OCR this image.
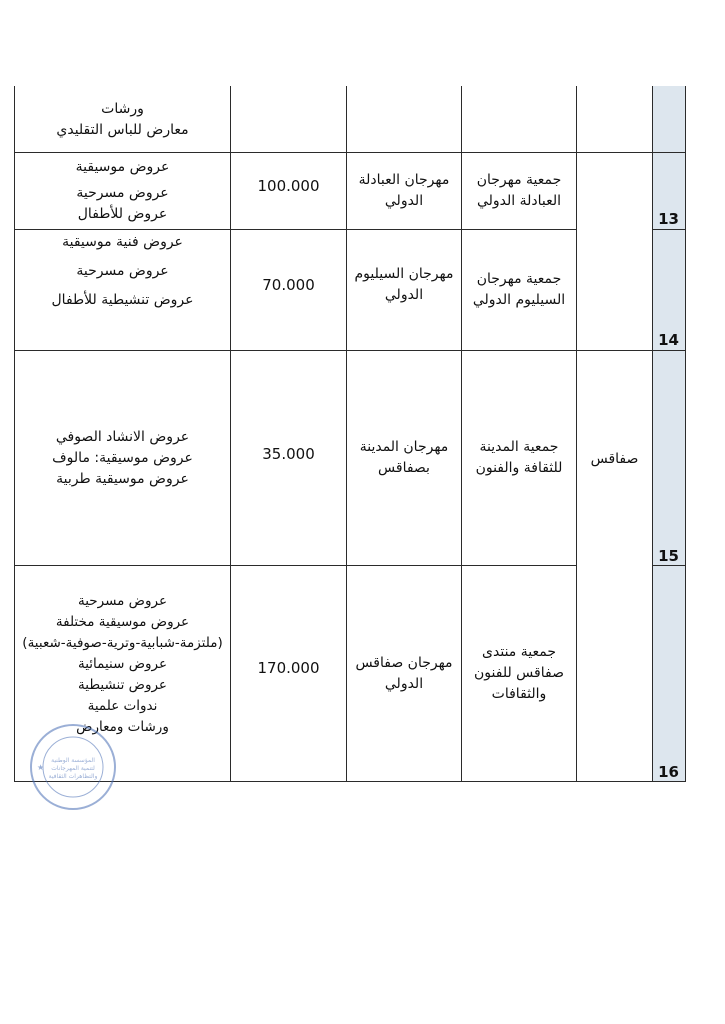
ورشات
معارض للباس التقليدي
13
جمعية مهرجان العبادلة الدولي
مهرجان العبادلة الدولي
100.000
عروض موسيقية
عروض مسرحية
عروض للأطفال
14
جمعية مهرجان السيليوم الدولي
مهرجان السيليوم الدولي
70.000
عروض فنية موسيقية
عروض مسرحية
عروض تنشيطية للأطفال
صفاقس
15
جمعية المدينة للثقافة والفنون
مهرجان المدينة بصفاقس
35.000
عروض الانشاد الصوفي
عروض موسيقية: مالوف
عروض موسيقية طربية
16
جمعية منتدى صفاقس للفنون والثقافات
مهرجان صفاقس الدولي
170.000
عروض مسرحية
عروض موسيقية مختلفة
(ملتزمة-شبابية-وترية-صوفية-شعبية)
عروض سنيمائية
عروض تنشيطية
ندوات علمية
ورشات ومعارض
المؤسسة الوطنية
لتنمية المهرجانات
والتظاهرات الثقافية
★
